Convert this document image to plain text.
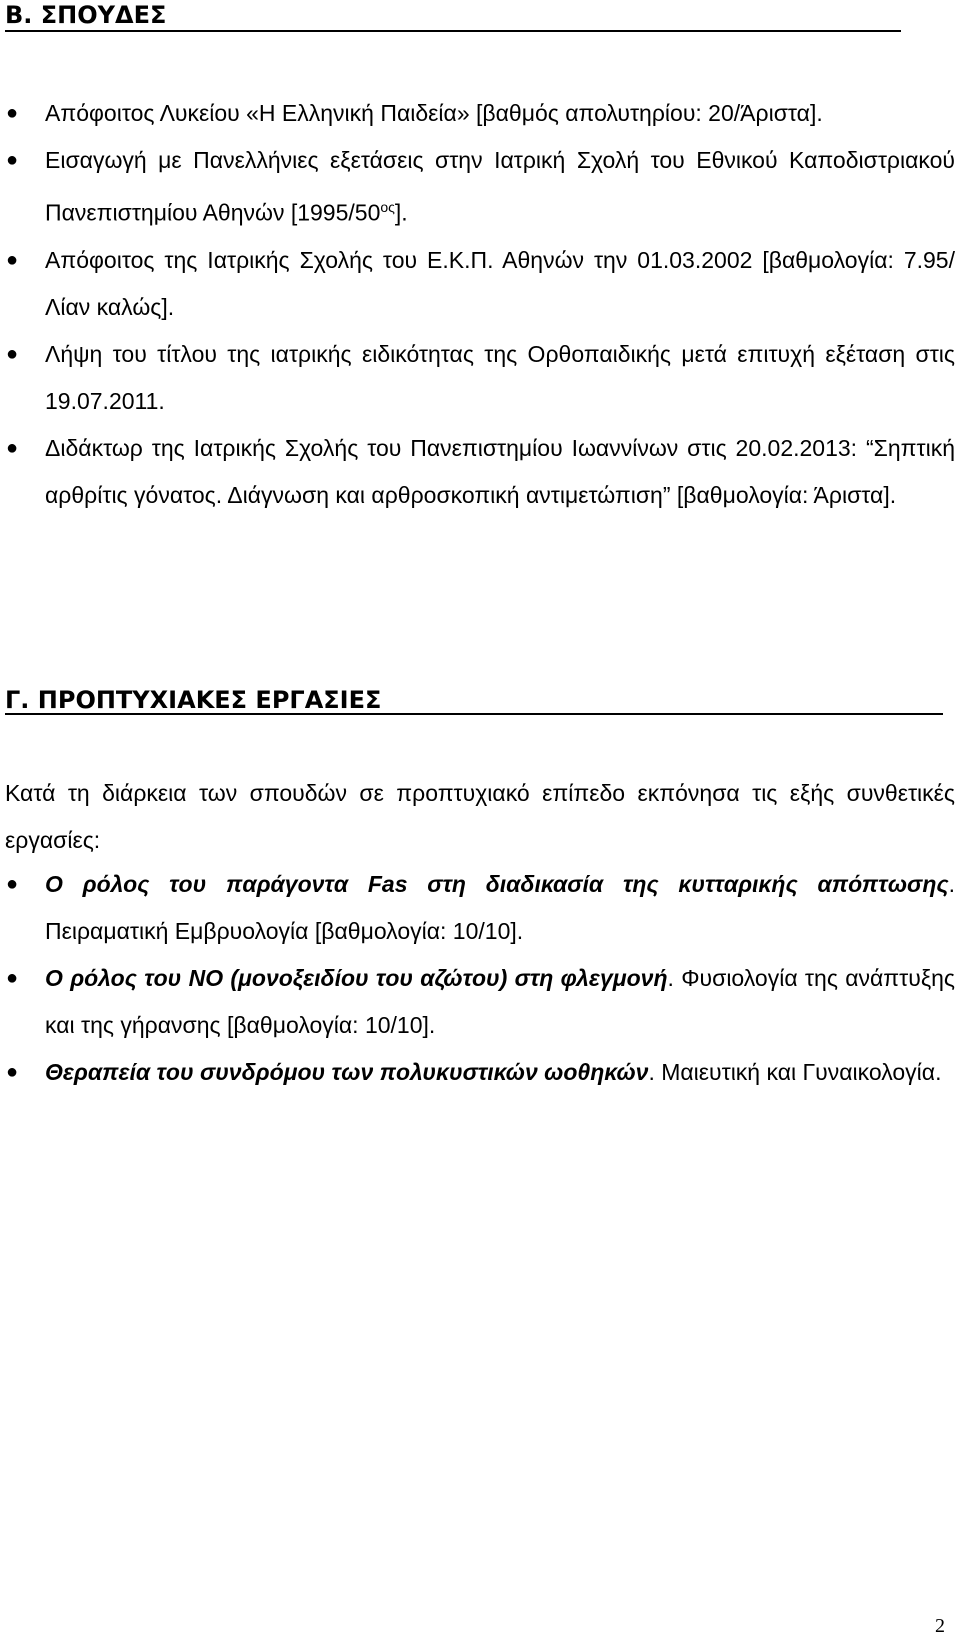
Β. ΣΠΟΥΔΕΣ
●	Απόφοιτος Λυκείου «Η Ελληνική Παιδεία» [βαθμός απολυτηρίου: 20/Άριστα].
●	Εισαγωγή με Πανελλήνιες εξετάσεις στην Ιατρική Σχολή του Εθνικού Καποδιστριακού Πανεπιστημίου Αθηνών $[1995/50^{o\varsigma}]$.
●	Απόφοιτος της Ιατρικής Σχολής του Ε.Κ.Π. Αθηνών την 01.03.2002 [βαθμολογία: 7.95/Λίαν καλώς].
●	Λήψη του τίτλου της ιατρικής ειδικότητας της Ορθοπαιδικής μετά επιτυχή εξέταση στις 19.07.2011.
●	Διδάκτωρ της Ιατρικής Σχολής του Πανεπιστημίου Ιωαννίνων στις 20.02.2013: “Σηπτική αρθρίτις γόνατος. Διάγνωση και αρθροσκοπική αντιμετώπιση” [βαθμολογία: Άριστα].
Γ. ΠΡΟΠΤΥΧΙΑΚΕΣ ΕΡΓΑΣΙΕΣ

Κατά τη διάρκεια των σπουδών σε προπτυχιακό επίπεδο εκπόνησα τις εξής συνθετικές εργασίες:

●	Ο ρόλος του παράγοντα Fas στη διαδικασία της κυτταρικής απόπτωσης. Πειραματική Εμβρυολογία [βαθμολογία: 10/10].
●	Ο ρόλος του ΝΟ (μονοξειδίου του αζώτου) στη φλεγμονή. Φυσιολογία της ανάπτυξης και της γήρανσης [βαθμολογία: 10/10].
●	Θεραπεία του συνδρόμου των πολυκυστικών ωοθηκών. Μαιευτική και Γυναικολογία.
2
